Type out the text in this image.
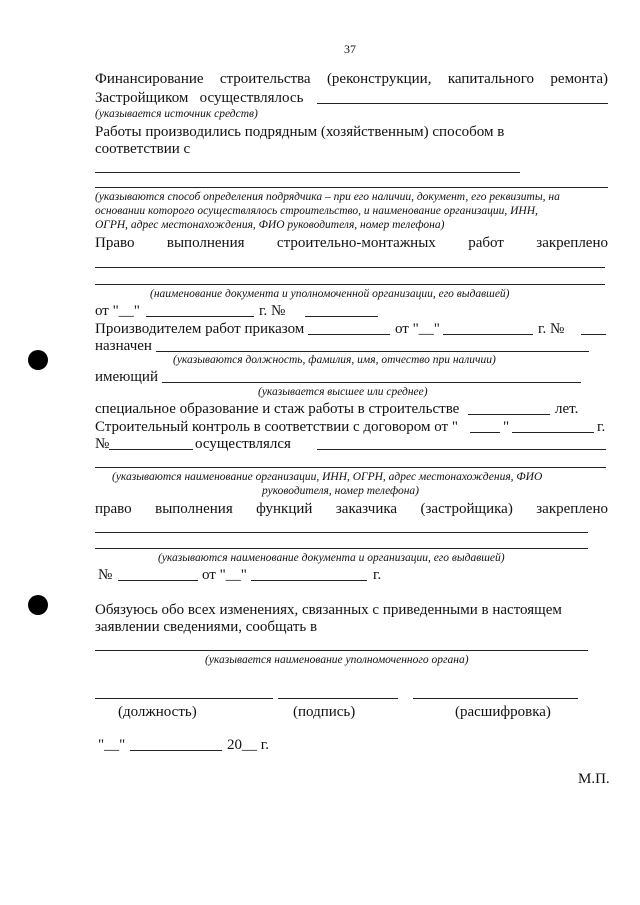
37
Финансирование строительства (реконструкции, капитального ремонта)
Застройщиком   осуществлялось
(указывается источник средств)
Работы производились подрядным (хозяйственным) способом в
соответствии с
(указываются способ определения подрядчика – при его наличии, документ, его реквизиты, на
основании которого осуществлялось строительство, и наименование организации, ИНН,
ОГРН, адрес местонахождения, ФИО руководителя, номер телефона)
Право выполнения строительно-монтажных работ закреплено
(наименование документа и уполномоченной организации, его выдавшей)
от "__"	г. №
Производителем работ приказом	от "__"	г. №
назначен
(указываются должность, фамилия, имя, отчество при наличии)
имеющий
(указывается высшее или среднее)
специальное образование и стаж работы в строительстве	лет.
Строительный контроль в соответствии с договором от "	"	г.
№	осуществлялся
(указываются наименование организации, ИНН, ОГРН, адрес местонахождения, ФИО
руководителя, номер телефона)
право выполнения функций заказчика (застройщика) закреплено
(указываются наименование документа и организации, его выдавшей)
№	от "__"	г.
Обязуюсь обо всех изменениях, связанных с приведенными в настоящем
заявлении сведениями, сообщать в
(указывается наименование уполномоченного органа)
(должность)	(подпись)	(расшифровка)
"__"	20__ г.
М.П.
